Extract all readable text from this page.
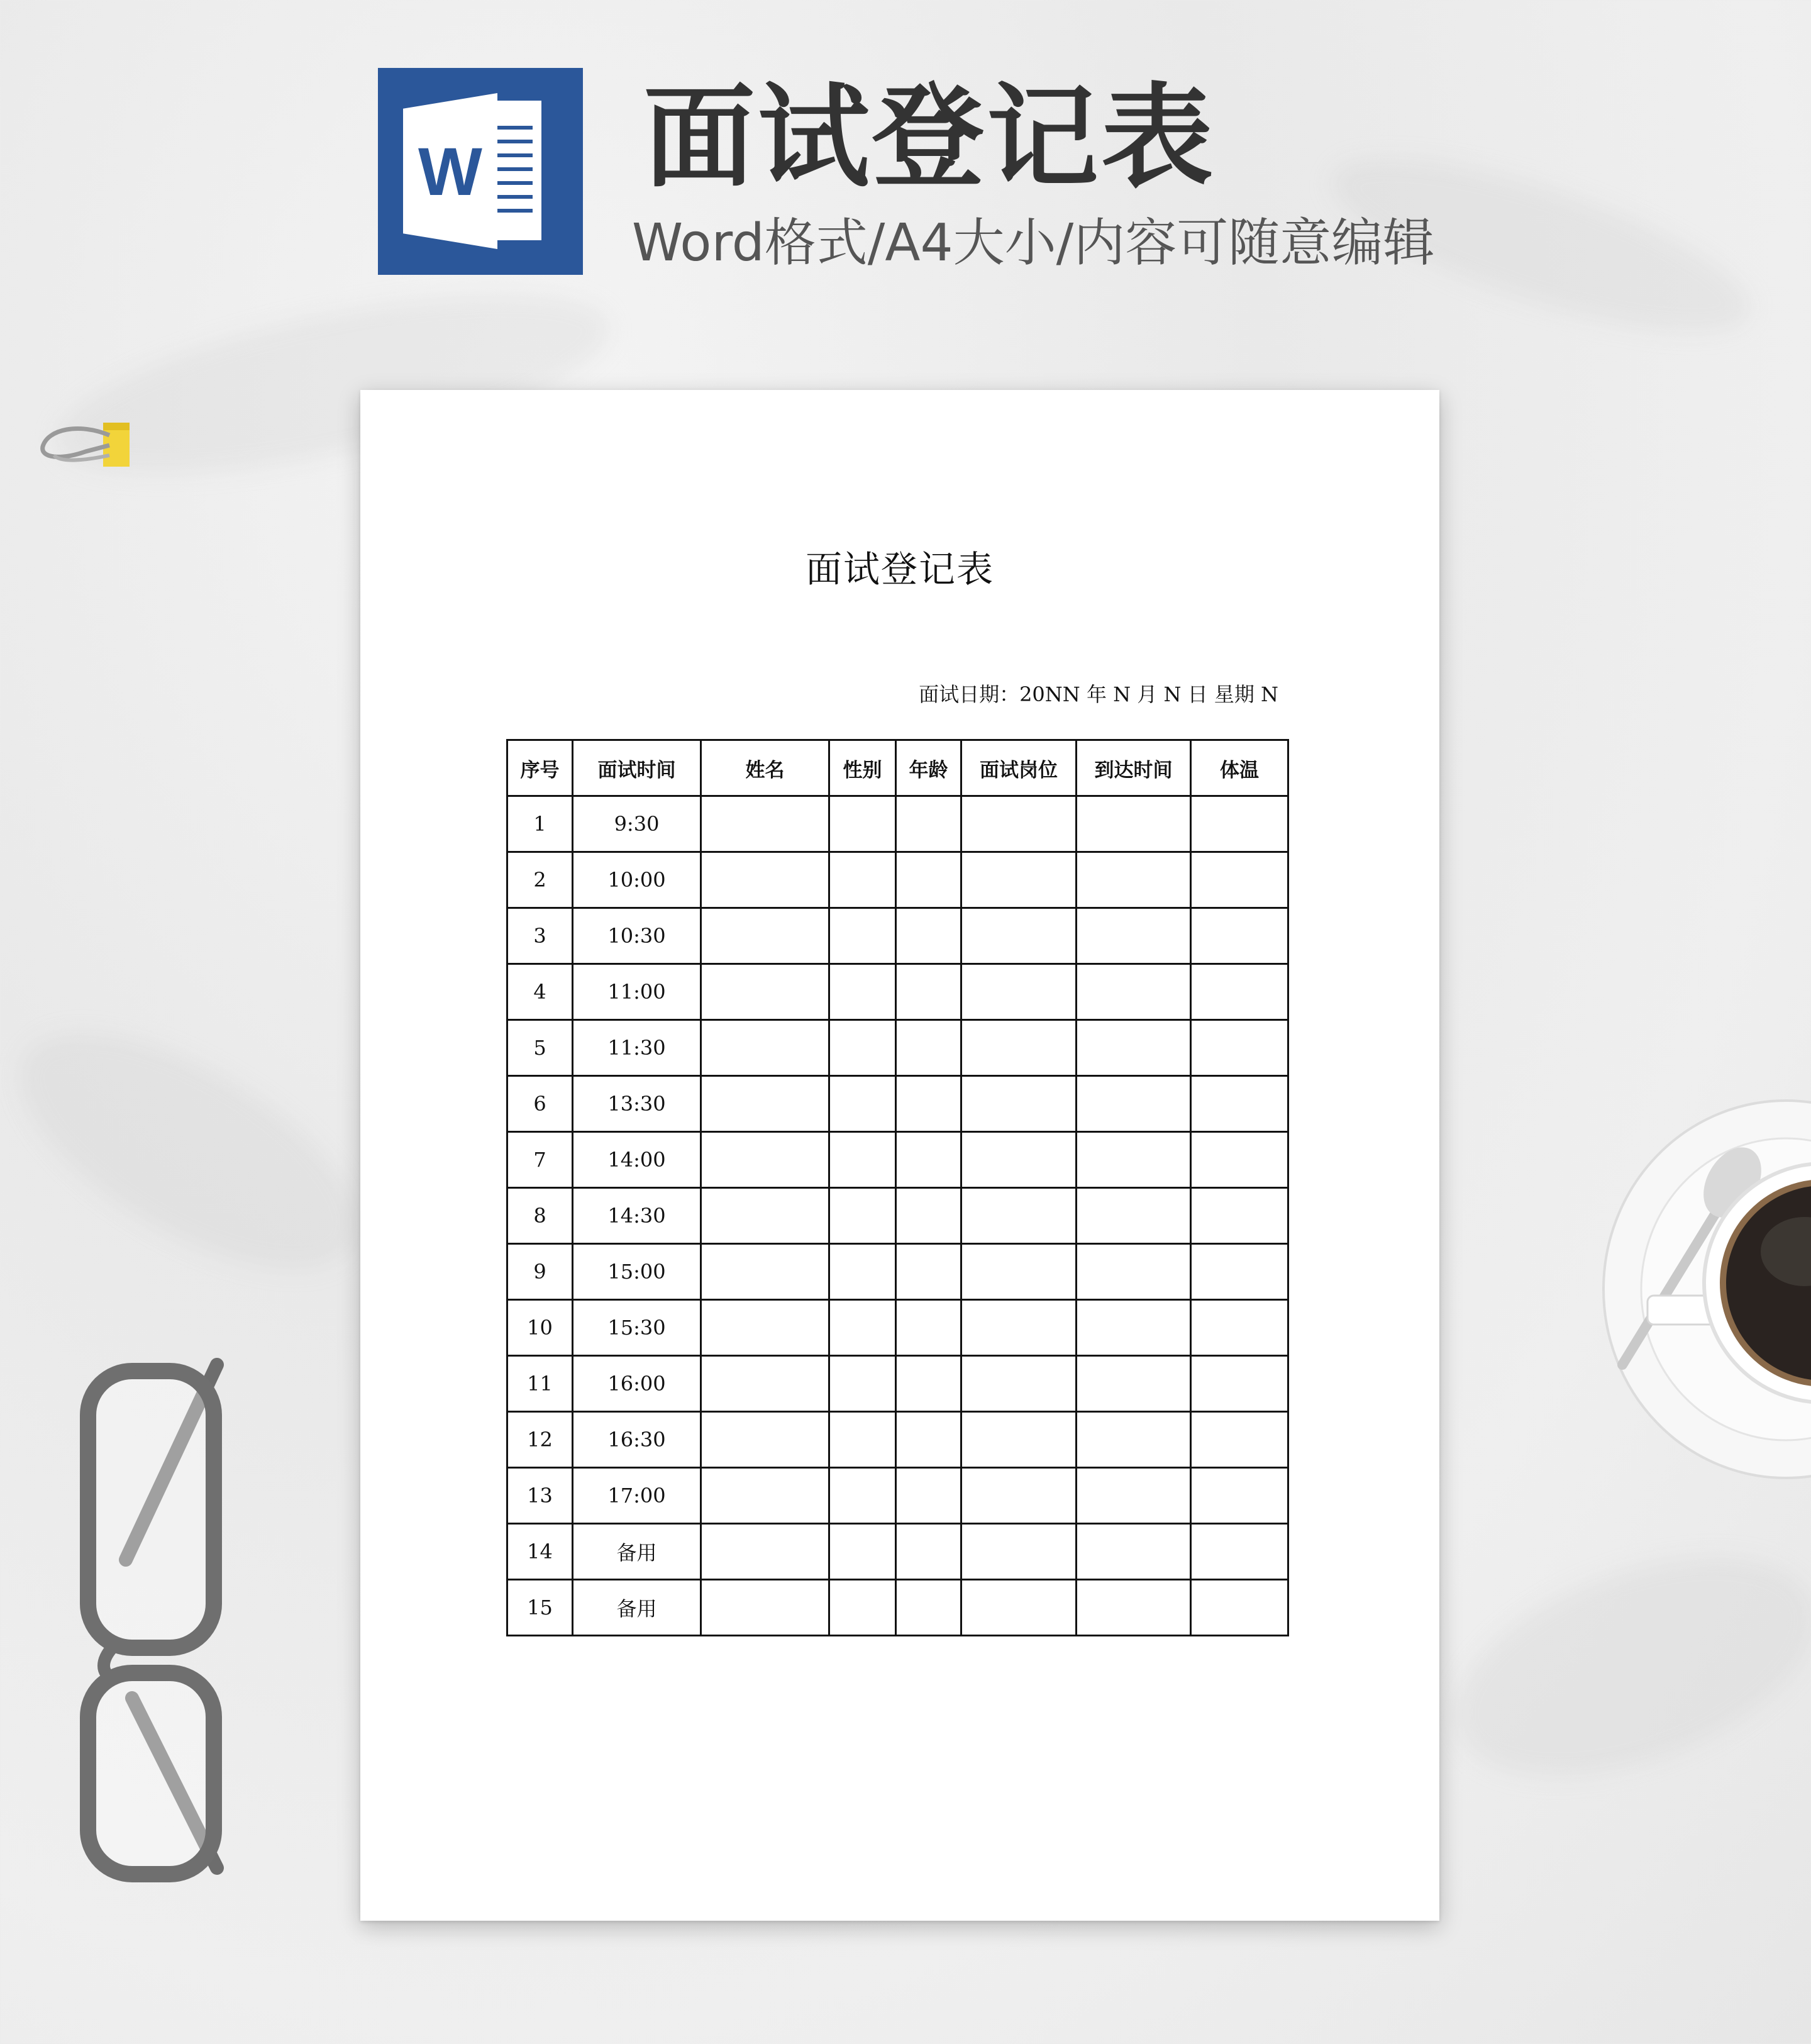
W 面试登记表

Word格式/A4大小/内容可随意编辑

面试登记表
面试日期：20NN 年 N 月 N 日 星期 N
序号	面试时间	姓名	性别	年龄	面试岗位	到达时间	体温
1	9:30						
2	10:00						
3	10:30						
4	11:00						
5	11:30						
6	13:30						
7	14:00						
8	14:30						
9	15:00						
10	15:30						
11	16:00						
12	16:30						
13	17:00						
14	备用						
15	备用						
